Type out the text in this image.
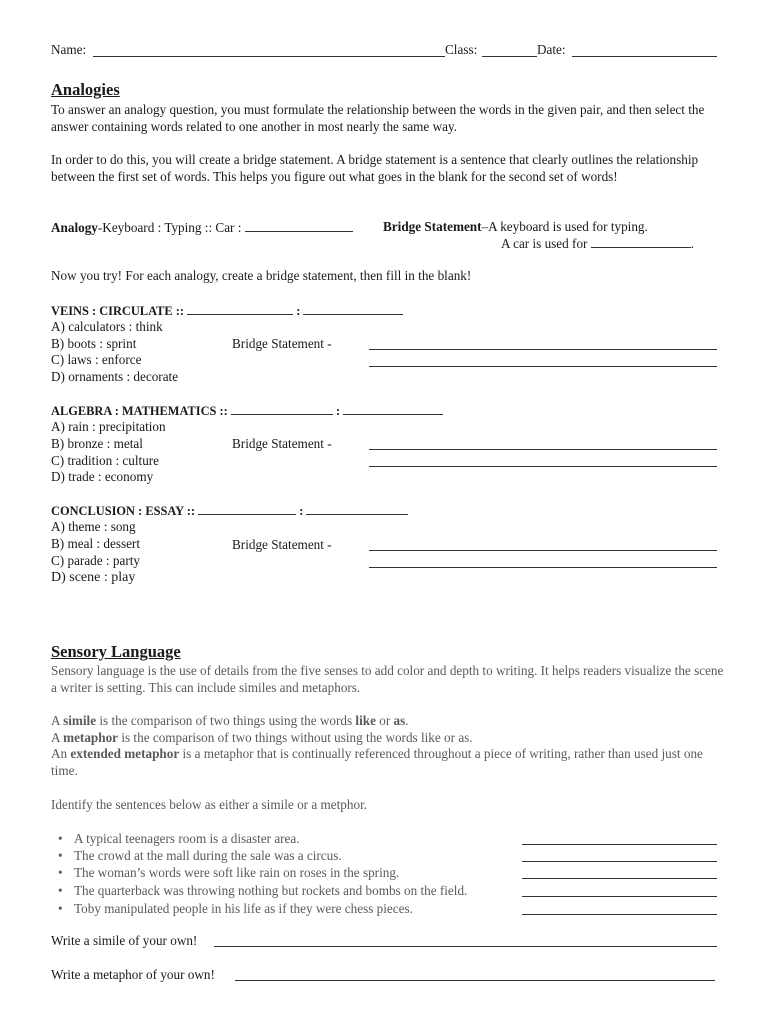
Name:	Class:	Date:
Analogies
To answer an analogy question, you must formulate the relationship between the words in the given pair, and then select the answer containing words related to one another in most nearly the same way.
In order to do this, you will create a bridge statement. A bridge statement is a sentence that clearly outlines the relationship between the first set of words. This helps you figure out what goes in the blank for the second set of words!
Analogy-Keyboard : Typing :: Car :	Bridge Statement–A keyboard is used for typing.
A car is used for	.
Now you try! For each analogy, create a bridge statement, then fill in the blank!
VEINS : CIRCULATE ::	:
A) calculators : think
B) boots : sprint
C) laws : enforce
D) ornaments : decorate
Bridge Statement -
ALGEBRA : MATHEMATICS ::	:
A) rain : precipitation
B) bronze : metal
C) tradition : culture
D) trade : economy
Bridge Statement -
CONCLUSION : ESSAY ::	:
A) theme : song
B) meal : dessert
C) parade : party
D) scene : play
Bridge Statement -
Sensory Language
Sensory language is the use of details from the five senses to add color and depth to writing. It helps readers visualize the scene a writer is setting. This can include similes and metaphors.
A simile is the comparison of two things using the words like or as.
A metaphor is the comparison of two things without using the words like or as.
An extended metaphor is a metaphor that is continually referenced throughout a piece of writing, rather than used just one time.
Identify the sentences below as either a simile or a metphor.
• A typical teenagers room is a disaster area.
• The crowd at the mall during the sale was a circus.
• The woman’s words were soft like rain on roses in the spring.
• The quarterback was throwing nothing but rockets and bombs on the field.
• Toby manipulated people in his life as if they were chess pieces.
Write a simile of your own!
Write a metaphor of your own!
